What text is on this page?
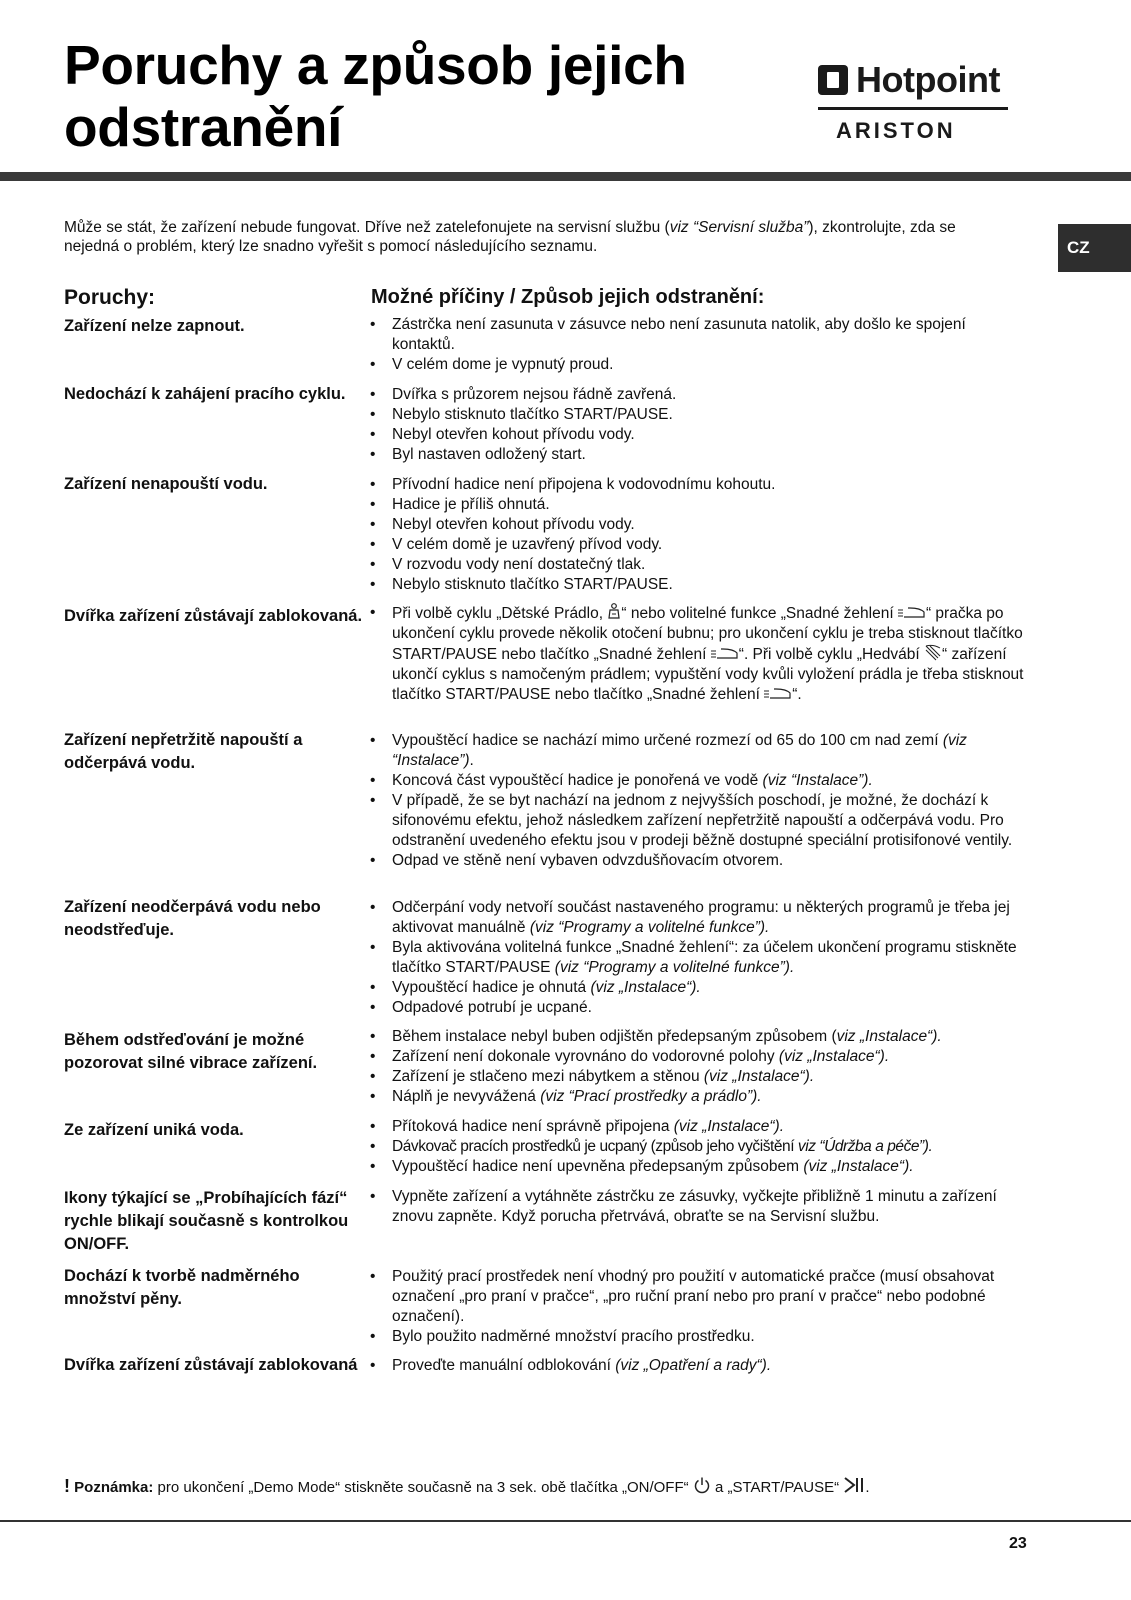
Poruchy a způsob jejich
odstranění
Hotpoint
ARISTON
CZ
Může se stát, že zařízení nebude fungovat. Dříve než zatelefonujete na servisní službu (viz “Servisní služba”), zkontrolujte, zda se nejedná o problém, který lze snadno vyřešit s pomocí následujícího seznamu.
Poruchy:	Možné příčiny / Způsob jejich odstranění:
Zařízení nelze zapnout.	• Zástrčka není zasunuta v zásuvce nebo není zasunuta natolik, aby došlo ke spojení kontaktů.
• V celém dome je vypnutý proud.
Nedochází k zahájení pracího cyklu.	• Dvířka s průzorem nejsou řádně zavřená.
• Nebylo stisknuto tlačítko START/PAUSE.
• Nebyl otevřen kohout přívodu vody.
• Byl nastaven odložený start.
Zařízení nenapouští vodu.	• Přívodní hadice není připojena k vodovodnímu kohoutu.
• Hadice je příliš ohnutá.
• Nebyl otevřen kohout přívodu vody.
• V celém domě je uzavřený přívod vody.
• V rozvodu vody není dostatečný tlak.
• Nebylo stisknuto tlačítko START/PAUSE.
Dvířka zařízení zůstávají zablokovaná.	• Při volbě cyklu „Dětské Prádlo, “ nebo volitelné funkce „Snadné žehlení “ pračka po ukončení cyklu provede několik otočení bubnu; pro ukončení cyklu je treba stisknout tlačítko START/PAUSE nebo tlačítko „Snadné žehlení “. Při volbě cyklu „Hedvábí “ zařízení ukončí cyklus s namočeným prádlem; vypuštění vody kvůli vyložení prádla je třeba stisknout tlačítko START/PAUSE nebo tlačítko „Snadné žehlení “.
Zařízení nepřetržitě napouští a odčerpává vodu.
• Vypouštěcí hadice se nachází mimo určené rozmezí od 65 do 100 cm nad zemí (viz “Instalace”).
• Koncová část vypouštěcí hadice je ponořená ve vodě (viz “Instalace”).
• V případě, že se byt nachází na jednom z nejvyšších poschodí, je možné, že dochází k sifonovému efektu, jehož následkem zařízení nepřetržitě napouští a odčerpává vodu. Pro odstranění uvedeného efektu jsou v prodeji běžně dostupné speciální protisifonové ventily.
• Odpad ve stěně není vybaven odvzdušňovacím otvorem.
Zařízení neodčerpává vodu nebo neodstřeďuje.
• Odčerpání vody netvoří součást nastaveného programu: u některých programů je třeba jej aktivovat manuálně (viz “Programy a volitelné funkce”).
• Byla aktivována volitelná funkce „Snadné žehlení“: za účelem ukončení programu stiskněte tlačítko START/PAUSE (viz “Programy a volitelné funkce”).
• Vypouštěcí hadice je ohnutá (viz „Instalace“).
• Odpadové potrubí je ucpané.
Během odstřeďování je možné pozorovat silné vibrace zařízení.
• Během instalace nebyl buben odjištěn předepsaným způsobem (viz „Instalace“).
• Zařízení není dokonale vyrovnáno do vodorovné polohy (viz „Instalace“).
• Zařízení je stlačeno mezi nábytkem a stěnou (viz „Instalace“).
• Náplň je nevyvážená (viz “Prací prostředky a prádlo”).
Ze zařízení uniká voda.	• Přítoková hadice není správně připojena (viz „Instalace“).
• Dávkovač pracích prostředků je ucpaný (způsob jeho vyčištění viz “Údržba a péče”).
• Vypouštěcí hadice není upevněna předepsaným způsobem (viz „Instalace“).
Ikony týkající se „Probíhajících fází“ rychle blikají současně s kontrolkou ON/OFF.
• Vypněte zařízení a vytáhněte zástrčku ze zásuvky, vyčkejte přibližně 1 minutu a zařízení znovu zapněte. Když porucha přetrvává, obraťte se na Servisní službu.
Dochází k tvorbě nadměrného množství pěny.
• Použitý prací prostředek není vhodný pro použití v automatické pračce (musí obsahovat označení „pro praní v pračce“, „pro ruční praní nebo pro praní v pračce“ nebo podobné označení).
• Bylo použito nadměrné množství pracího prostředku.
Dvířka zařízení zůstávají zablokovaná	• Proveďte manuální odblokování (viz „Opatření a rady“).
! Poznámka: pro ukončení „Demo Mode“ stiskněte současně na 3 sek. obě tlačítka „ON/OFF“  a „START/PAUSE“ .
23
